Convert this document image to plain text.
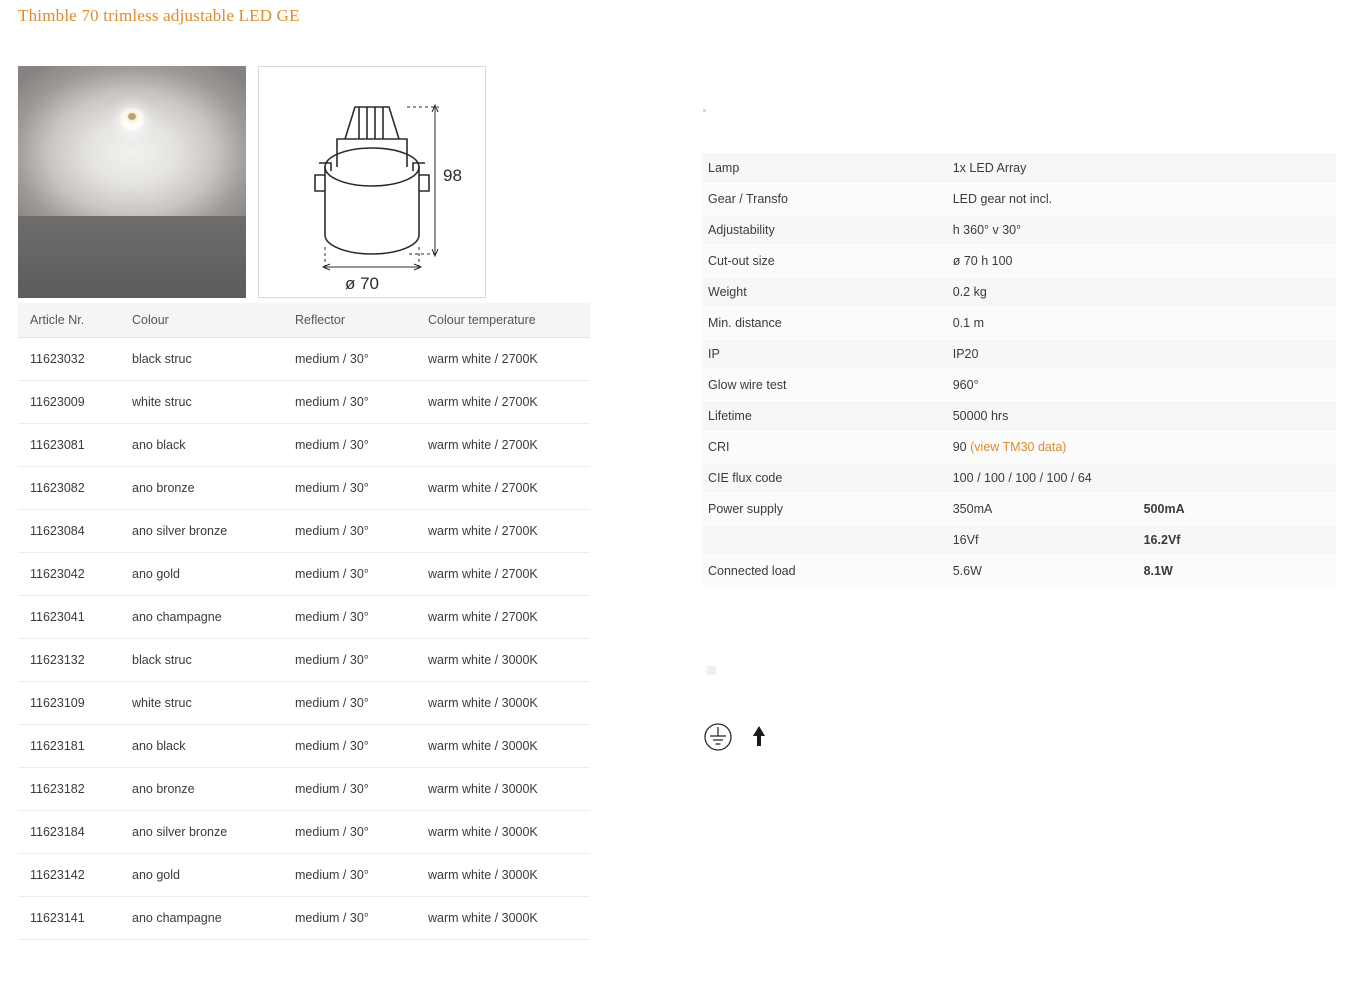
Thimble 70 trimless adjustable LED GE
98
ø 70
Article Nr.	Colour	Reflector	Colour temperature
11623032	black struc	medium / 30°	warm white / 2700K
11623009	white struc	medium / 30°	warm white / 2700K
11623081	ano black	medium / 30°	warm white / 2700K
11623082	ano bronze	medium / 30°	warm white / 2700K
11623084	ano silver bronze	medium / 30°	warm white / 2700K
11623042	ano gold	medium / 30°	warm white / 2700K
11623041	ano champagne	medium / 30°	warm white / 2700K
11623132	black struc	medium / 30°	warm white / 3000K
11623109	white struc	medium / 30°	warm white / 3000K
11623181	ano black	medium / 30°	warm white / 3000K
11623182	ano bronze	medium / 30°	warm white / 3000K
11623184	ano silver bronze	medium / 30°	warm white / 3000K
11623142	ano gold	medium / 30°	warm white / 3000K
11623141	ano champagne	medium / 30°	warm white / 3000K
Lamp	1x LED Array	
Gear / Transfo	LED gear not incl.	
Adjustability	h 360° v 30°	
Cut-out size	ø 70 h 100	
Weight	0.2 kg	
Min. distance	0.1 m	
IP	IP20	
Glow wire test	960°	
Lifetime	50000 hrs	
CRI	90 (view TM30 data)	
CIE flux code	100 / 100 / 100 / 100 / 64	
Power supply	350mA	500mA
	16Vf	16.2Vf
Connected load	5.6W	8.1W
